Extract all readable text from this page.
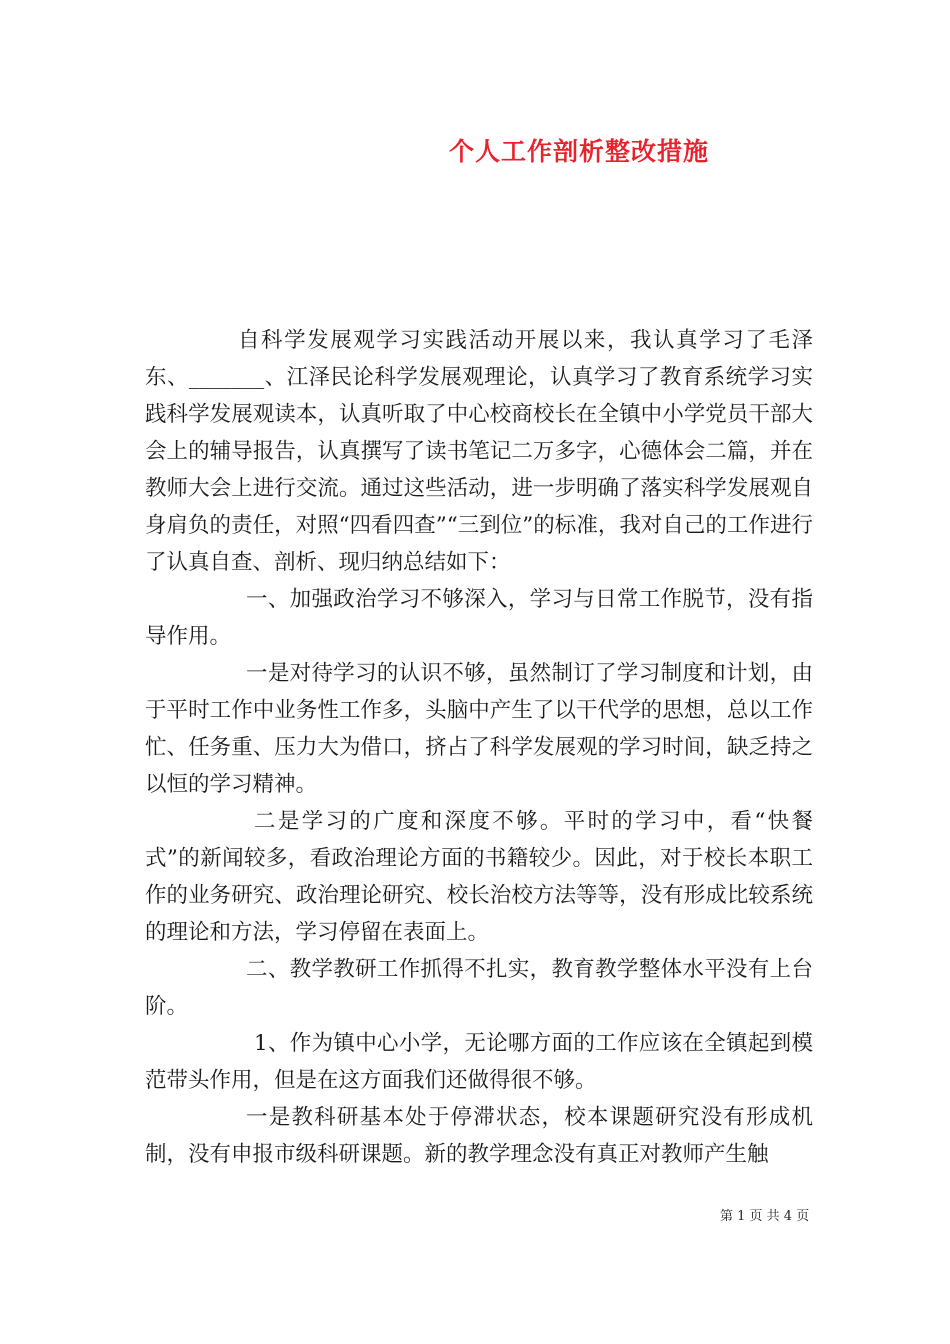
个人工作剖析整改措施

自科学发展观学习实践活动开展以来，我认真学习了毛泽东、_______、江泽民论科学发展观理论，认真学习了教育系统学习实践科学发展观读本，认真听取了中心校商校长在全镇中小学党员干部大会上的辅导报告，认真撰写了读书笔记二万多字，心德体会二篇，并在教师大会上进行交流。通过这些活动，进一步明确了落实科学发展观自身肩负的责任，对照“四看四查”“三到位”的标准，我对自己的工作进行了认真自查、剖析、现归纳总结如下：

一、加强政治学习不够深入，学习与日常工作脱节，没有指导作用。

一是对待学习的认识不够，虽然制订了学习制度和计划，由于平时工作中业务性工作多，头脑中产生了以干代学的思想，总以工作忙、任务重、压力大为借口，挤占了科学发展观的学习时间，缺乏持之以恒的学习精神。

二是学习的广度和深度不够。平时的学习中，看“快餐式”的新闻较多，看政治理论方面的书籍较少。因此，对于校长本职工作的业务研究、政治理论研究、校长治校方法等等，没有形成比较系统的理论和方法，学习停留在表面上。

二、教学教研工作抓得不扎实，教育教学整体水平没有上台阶。

1、作为镇中心小学，无论哪方面的工作应该在全镇起到模范带头作用，但是在这方面我们还做得很不够。

一是教科研基本处于停滞状态，校本课题研究没有形成机制，没有申报市级科研课题。新的教学理念没有真正对教师产生触

第 1 页 共 4 页
